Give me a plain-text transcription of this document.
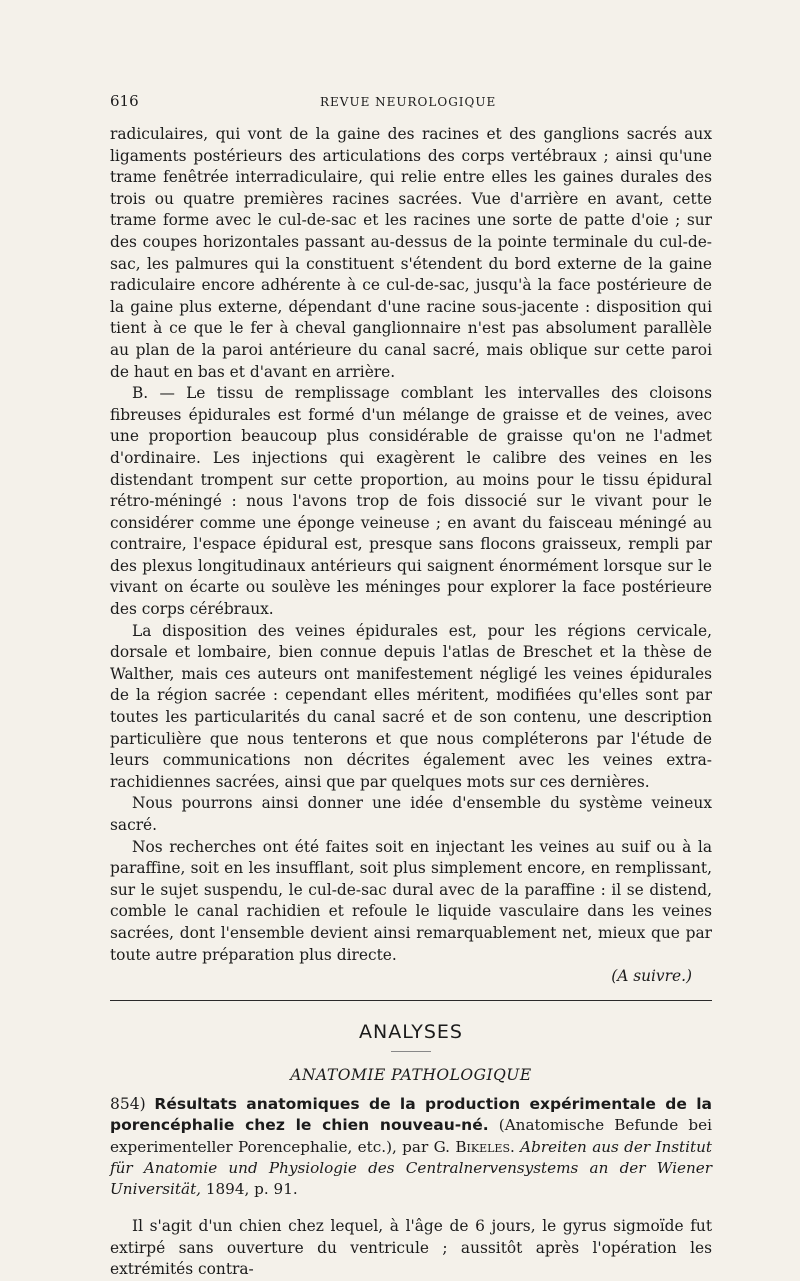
616	REVUE NEUROLOGIQUE

radiculaires, qui vont de la gaine des racines et des ganglions sacrés aux ligaments postérieurs des articulations des corps vertébraux ; ainsi qu'une trame fenêtrée interradiculaire, qui relie entre elles les gaines durales des trois ou quatre premières racines sacrées. Vue d'arrière en avant, cette trame forme avec le cul-de-sac et les racines une sorte de patte d'oie ; sur des coupes horizontales passant au-dessus de la pointe terminale du cul-de-sac, les palmures qui la constituent s'étendent du bord externe de la gaine radiculaire encore adhérente à ce cul-de-sac, jusqu'à la face postérieure de la gaine plus externe, dépendant d'une racine sous-jacente : disposition qui tient à ce que le fer à cheval ganglionnaire n'est pas absolument parallèle au plan de la paroi antérieure du canal sacré, mais oblique sur cette paroi de haut en bas et d'avant en arrière.

B. — Le tissu de remplissage comblant les intervalles des cloisons fibreuses épidurales est formé d'un mélange de graisse et de veines, avec une proportion beaucoup plus considérable de graisse qu'on ne l'admet d'ordinaire. Les injections qui exagèrent le calibre des veines en les distendant trompent sur cette proportion, au moins pour le tissu épidural rétro-méningé : nous l'avons trop de fois dissocié sur le vivant pour le considérer comme une éponge veineuse ; en avant du faisceau méningé au contraire, l'espace épidural est, presque sans flocons graisseux, rempli par des plexus longitudinaux antérieurs qui saignent énormément lorsque sur le vivant on écarte ou soulève les méninges pour explorer la face postérieure des corps cérébraux.

La disposition des veines épidurales est, pour les régions cervicale, dorsale et lombaire, bien connue depuis l'atlas de Breschet et la thèse de Walther, mais ces auteurs ont manifestement négligé les veines épidurales de la région sacrée : cependant elles méritent, modifiées qu'elles sont par toutes les particularités du canal sacré et de son contenu, une description particulière que nous tenterons et que nous compléterons par l'étude de leurs communications non décrites également avec les veines extra-rachidiennes sacrées, ainsi que par quelques mots sur ces dernières.

Nous pourrons ainsi donner une idée d'ensemble du système veineux sacré.

Nos recherches ont été faites soit en injectant les veines au suif ou à la paraffine, soit en les insufflant, soit plus simplement encore, en remplissant, sur le sujet suspendu, le cul-de-sac dural avec de la paraffine : il se distend, comble le canal rachidien et refoule le liquide vasculaire dans les veines sacrées, dont l'ensemble devient ainsi remarquablement net, mieux que par toute autre préparation plus directe.

(A suivre.)
ANALYSES
ANATOMIE PATHOLOGIQUE

854) Résultats anatomiques de la production expérimentale de la porencéphalie chez le chien nouveau-né. (Anatomische Befunde bei experimenteller Porencephalie, etc.), par G. Bikeles. Abreiten aus der Institut für Anatomie und Physiologie des Centralnervensystems an der Wiener Universität, 1894, p. 91.

Il s'agit d'un chien chez lequel, à l'âge de 6 jours, le gyrus sigmoïde fut extirpé sans ouverture du ventricule ; aussitôt après l'opération les extrémités contra-
